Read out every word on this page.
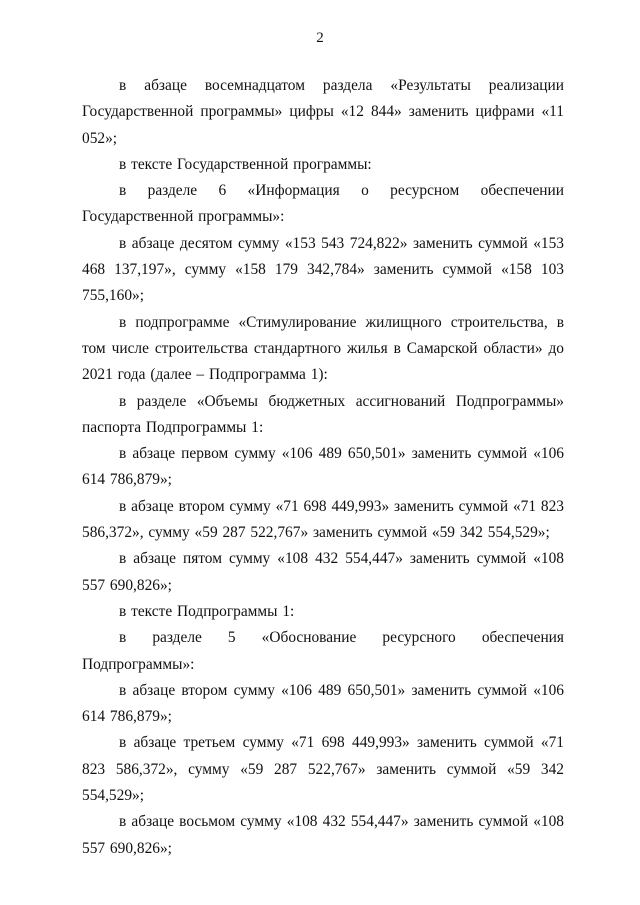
2

в абзаце восемнадцатом раздела «Результаты реализации Государственной программы» цифры «12 844» заменить цифрами «11 052»;

в тексте Государственной программы:

в разделе 6 «Информация о ресурсном обеспечении Государственной программы»:

в абзаце десятом сумму «153 543 724,822» заменить суммой «153 468 137,197», сумму «158 179 342,784» заменить суммой «158 103 755,160»;

в подпрограмме «Стимулирование жилищного строительства, в том числе строительства стандартного жилья в Самарской области» до 2021 года (далее – Подпрограмма 1):

в разделе «Объемы бюджетных ассигнований Подпрограммы» паспорта Подпрограммы 1:

в абзаце первом сумму «106 489 650,501» заменить суммой «106 614 786,879»;

в абзаце втором сумму «71 698 449,993» заменить суммой «71 823 586,372», сумму «59 287 522,767» заменить суммой «59 342 554,529»;

в абзаце пятом сумму «108 432 554,447» заменить суммой «108 557 690,826»;

в тексте Подпрограммы 1:

в разделе 5 «Обоснование ресурсного обеспечения Подпрограммы»:

в абзаце втором сумму «106 489 650,501» заменить суммой «106 614 786,879»;

в абзаце третьем сумму «71 698 449,993» заменить суммой «71 823 586,372», сумму «59 287 522,767» заменить суммой «59 342 554,529»;

в абзаце восьмом сумму «108 432 554,447» заменить суммой «108 557 690,826»;
